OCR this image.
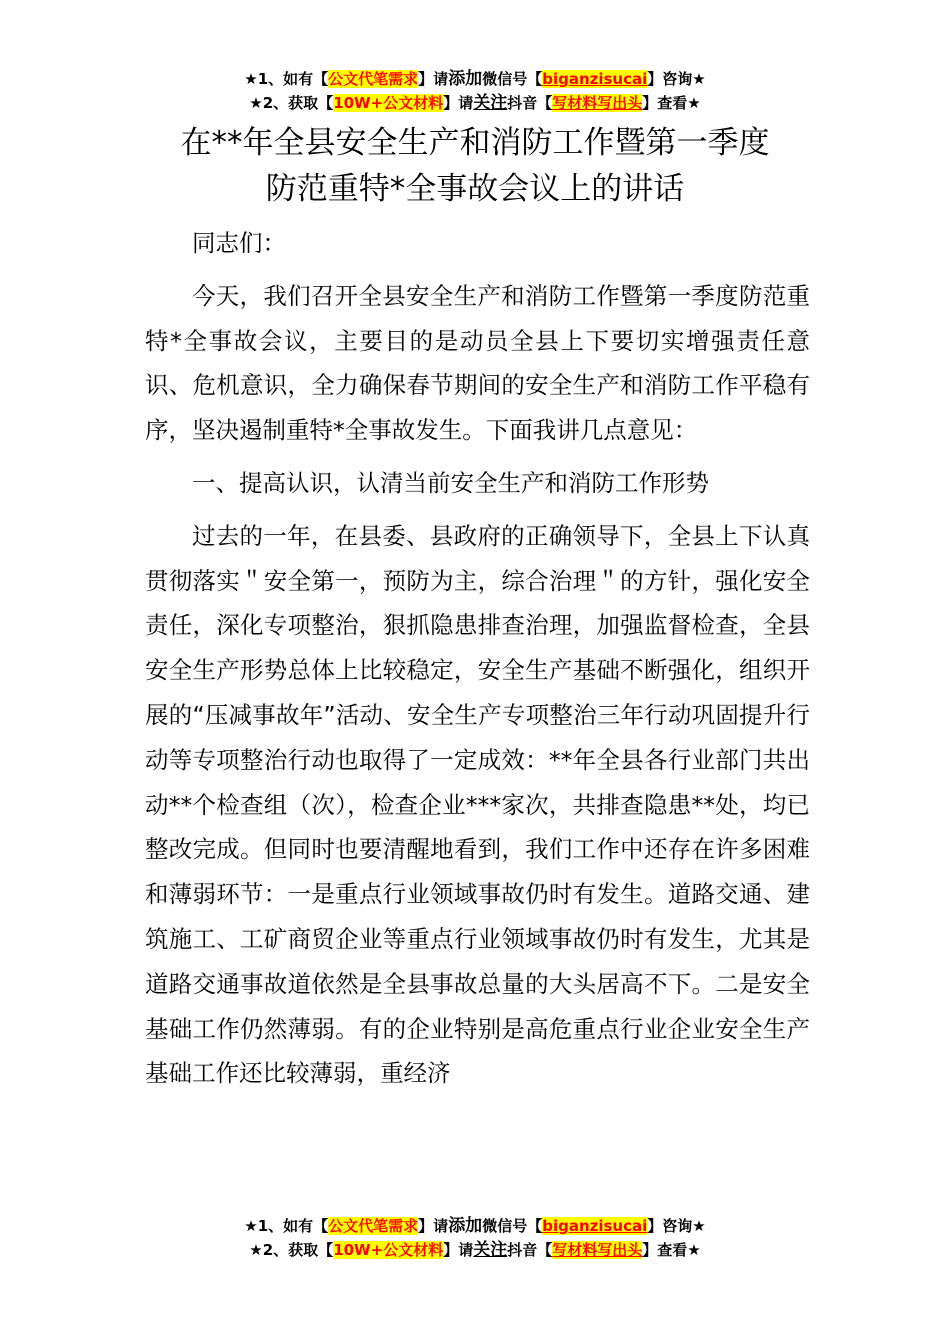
★1、如有【公文代笔需求】请添加微信号【biganzisucai】咨询★
★2、获取【10W+公文材料】请关注抖音【写材料写出头】查看★
在**年全县安全生产和消防工作暨第一季度
防范重特*全事故会议上的讲话

同志们：

今天，我们召开全县安全生产和消防工作暨第一季度防范重特*全事故会议，主要目的是动员全县上下要切实增强责任意识、危机意识，全力确保春节期间的安全生产和消防工作平稳有序，坚决遏制重特*全事故发生。下面我讲几点意见：

一、提高认识，认清当前安全生产和消防工作形势

过去的一年，在县委、县政府的正确领导下，全县上下认真贯彻落实＂安全第一，预防为主，综合治理＂的方针，强化安全责任，深化专项整治，狠抓隐患排查治理，加强监督检查，全县安全生产形势总体上比较稳定，安全生产基础不断强化，组织开展的“压减事故年”活动、安全生产专项整治三年行动巩固提升行动等专项整治行动也取得了一定成效：**年全县各行业部门共出动**个检查组（次），检查企业***家次，共排查隐患**处，均已整改完成。但同时也要清醒地看到，我们工作中还存在许多困难和薄弱环节：一是重点行业领域事故仍时有发生。道路交通、建筑施工、工矿商贸企业等重点行业领域事故仍时有发生，尤其是道路交通事故道依然是全县事故总量的大头居高不下。二是安全基础工作仍然薄弱。有的企业特别是高危重点行业企业安全生产基础工作还比较薄弱，重经济

★1、如有【公文代笔需求】请添加微信号【biganzisucai】咨询★
★2、获取【10W+公文材料】请关注抖音【写材料写出头】查看★
